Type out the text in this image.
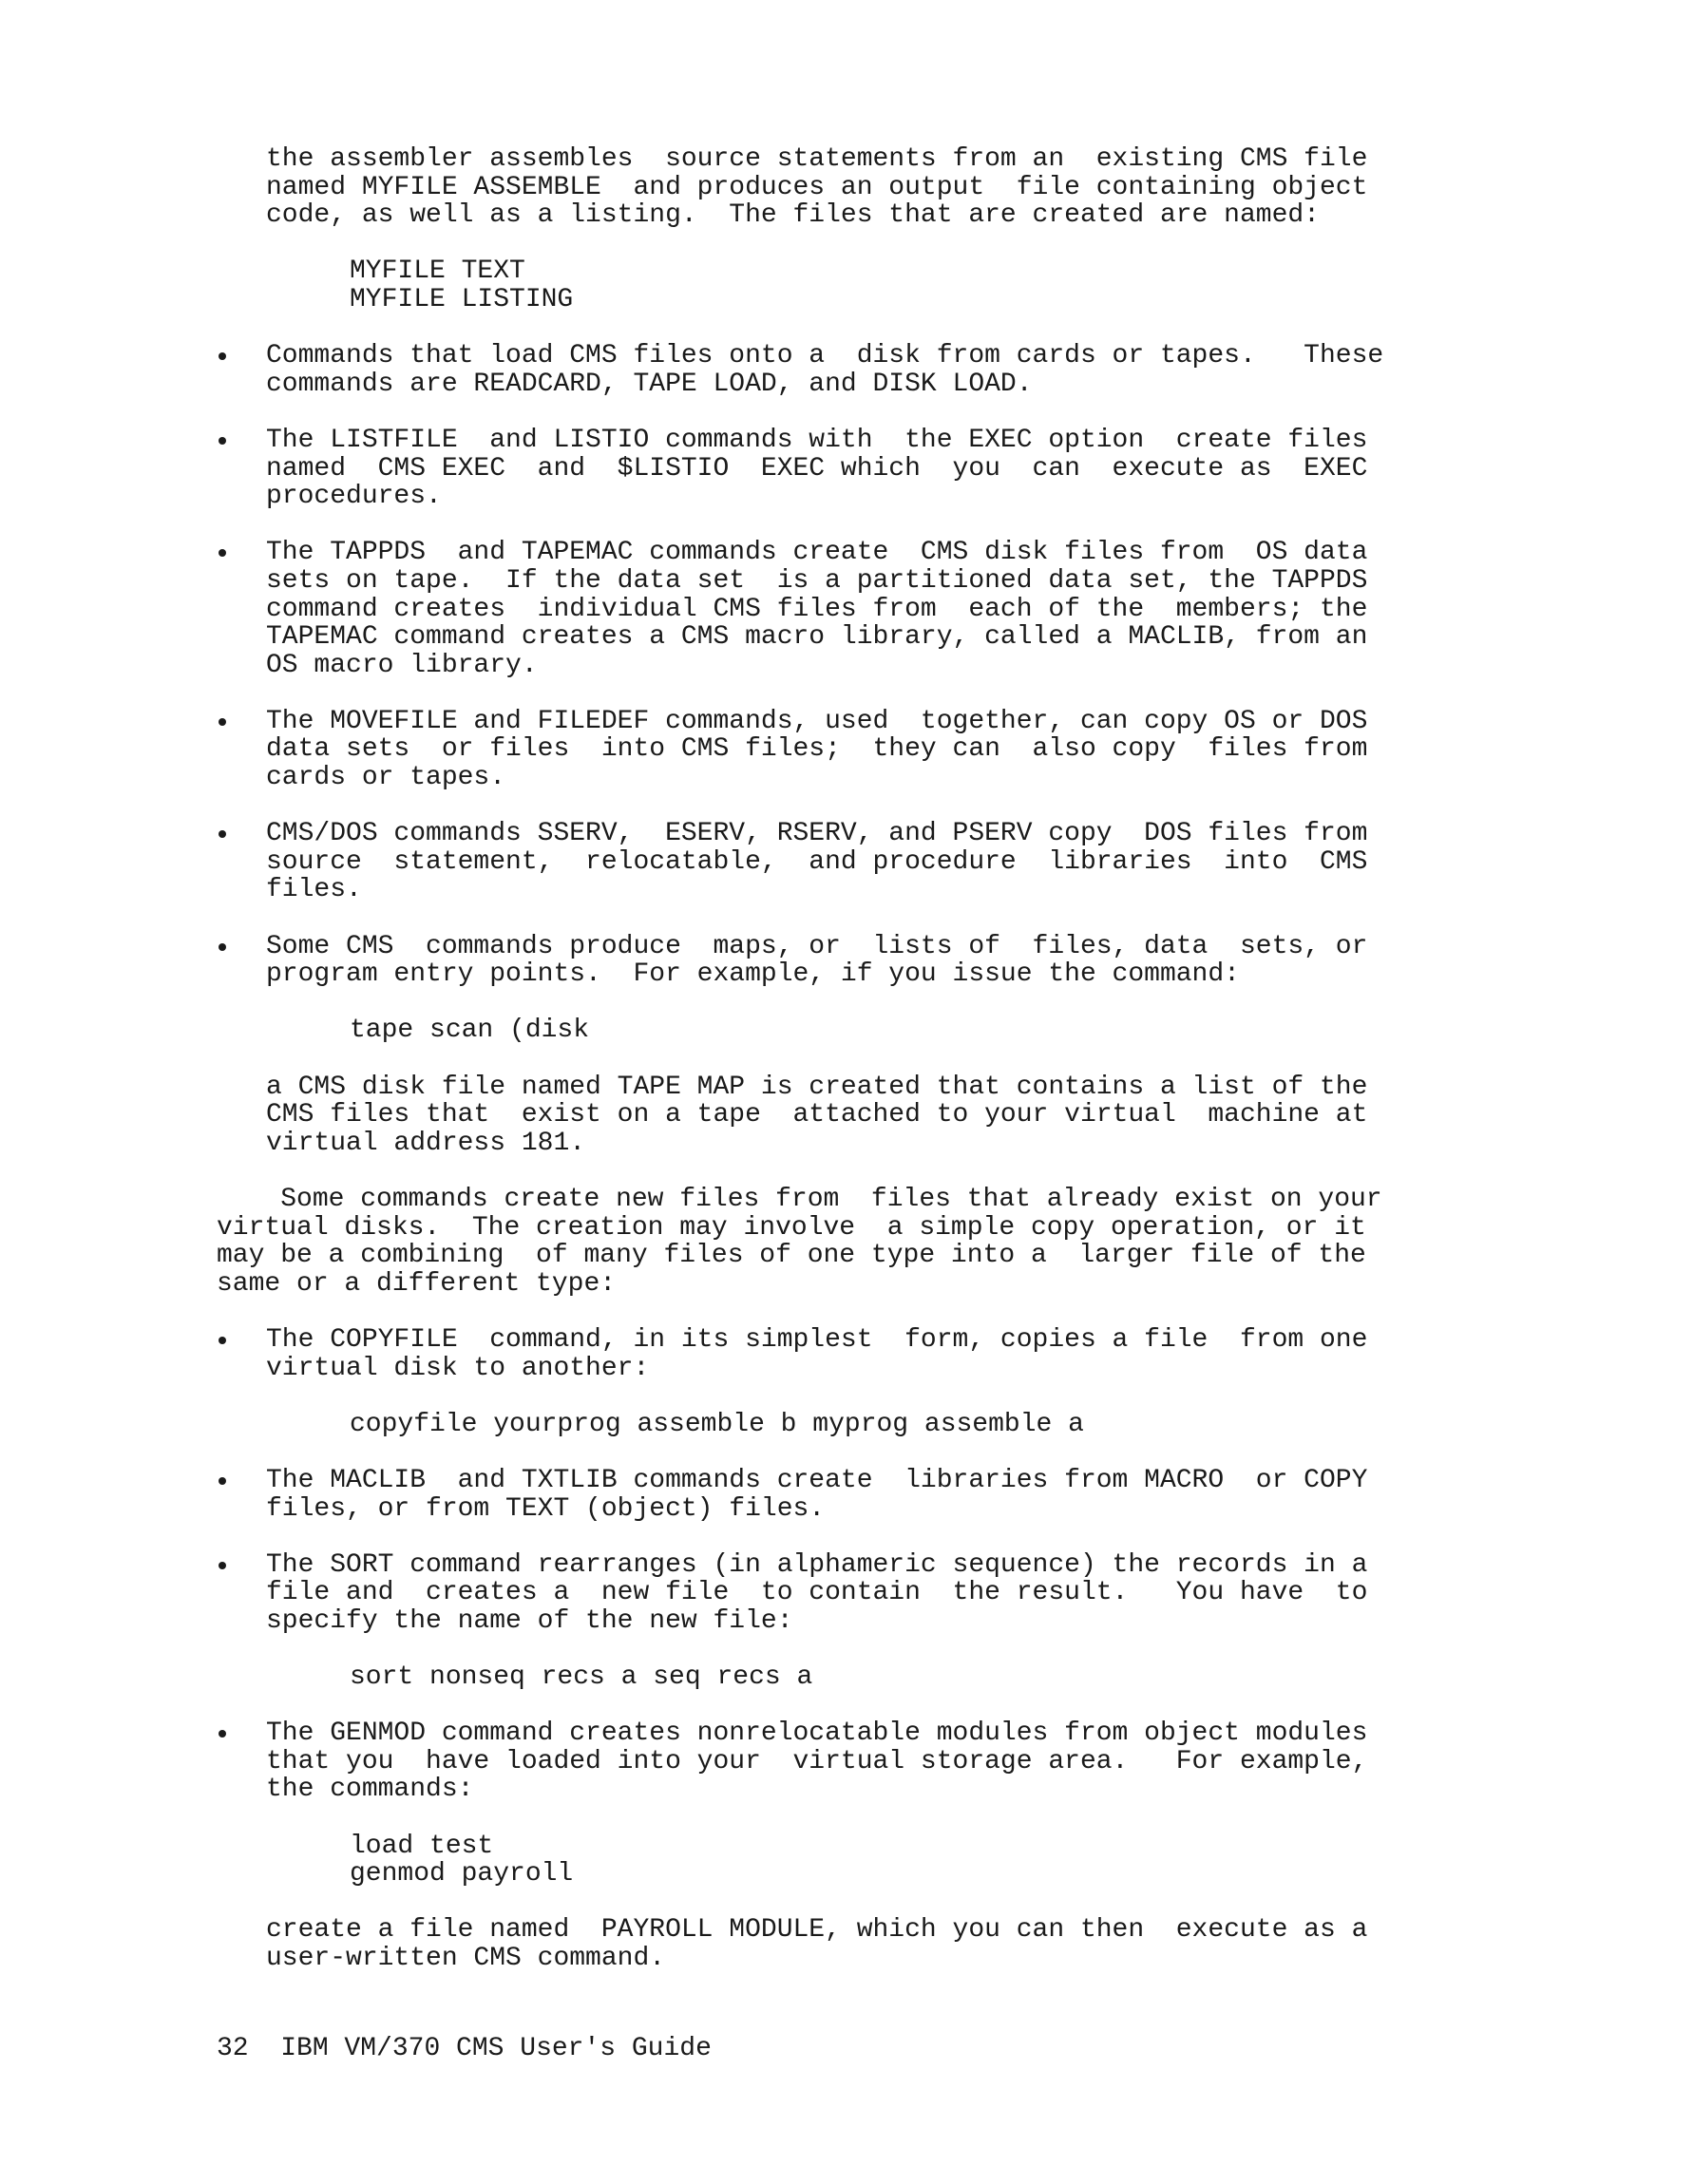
the assembler assembles  source statements from an  existing CMS file
named MYFILE ASSEMBLE  and produces an output  file containing object
code, as well as a listing.  The files that are created are named:
MYFILE TEXT
MYFILE LISTING
Commands that load CMS files onto a  disk from cards or tapes.   These
commands are READCARD, TAPE LOAD, and DISK LOAD.
The LISTFILE  and LISTIO commands with  the EXEC option  create files
named  CMS EXEC  and  $LISTIO  EXEC which  you  can  execute as  EXEC
procedures.
The TAPPDS  and TAPEMAC commands create  CMS disk files from  OS data
sets on tape.  If the data set  is a partitioned data set, the TAPPDS
command creates  individual CMS files from  each of the  members; the
TAPEMAC command creates a CMS macro library, called a MACLIB, from an
OS macro library.
The MOVEFILE and FILEDEF commands, used  together, can copy OS or DOS
data sets  or files  into CMS files;  they can  also copy  files from
cards or tapes.
CMS/DOS commands SSERV,  ESERV, RSERV, and PSERV copy  DOS files from
source  statement,  relocatable,  and procedure  libraries  into  CMS
files.
Some CMS  commands produce  maps, or  lists of  files, data  sets, or
program entry points.  For example, if you issue the command:
tape scan (disk
a CMS disk file named TAPE MAP is created that contains a list of the
CMS files that  exist on a tape  attached to your virtual  machine at
virtual address 181.
Some commands create new files from  files that already exist on your
virtual disks.  The creation may involve  a simple copy operation, or it
may be a combining  of many files of one type into a  larger file of the
same or a different type:
The COPYFILE  command, in its simplest  form, copies a file  from one
virtual disk to another:
copyfile yourprog assemble b myprog assemble a
The MACLIB  and TXTLIB commands create  libraries from MACRO  or COPY
files, or from TEXT (object) files.
The SORT command rearranges (in alphameric sequence) the records in a
file and  creates a  new file  to contain  the result.   You have  to
specify the name of the new file:
sort nonseq recs a seq recs a
The GENMOD command creates nonrelocatable modules from object modules
that you  have loaded into your  virtual storage area.   For example,
the commands:
load test
genmod payroll
create a file named  PAYROLL MODULE, which you can then  execute as a
user-written CMS command.
32 IBM VM/370 CMS User's Guide
